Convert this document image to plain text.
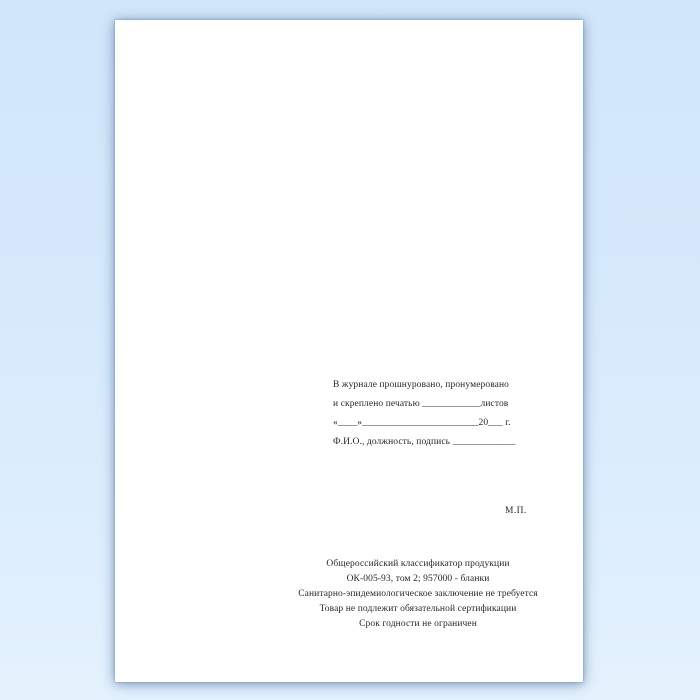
В журнале прошнуровано, пронумеровано
и скреплено печатью ____________листов
«____»________________________20___ г.
Ф.И.О., должность, подпись _____________
М.П.
Общероссийский классификатор продукции
ОК-005-93, том 2; 957000 - бланки
Санитарно-эпидемиологическое заключение не требуется
Товар не подлежит обязательной сертификации
Срок годности не ограничен
